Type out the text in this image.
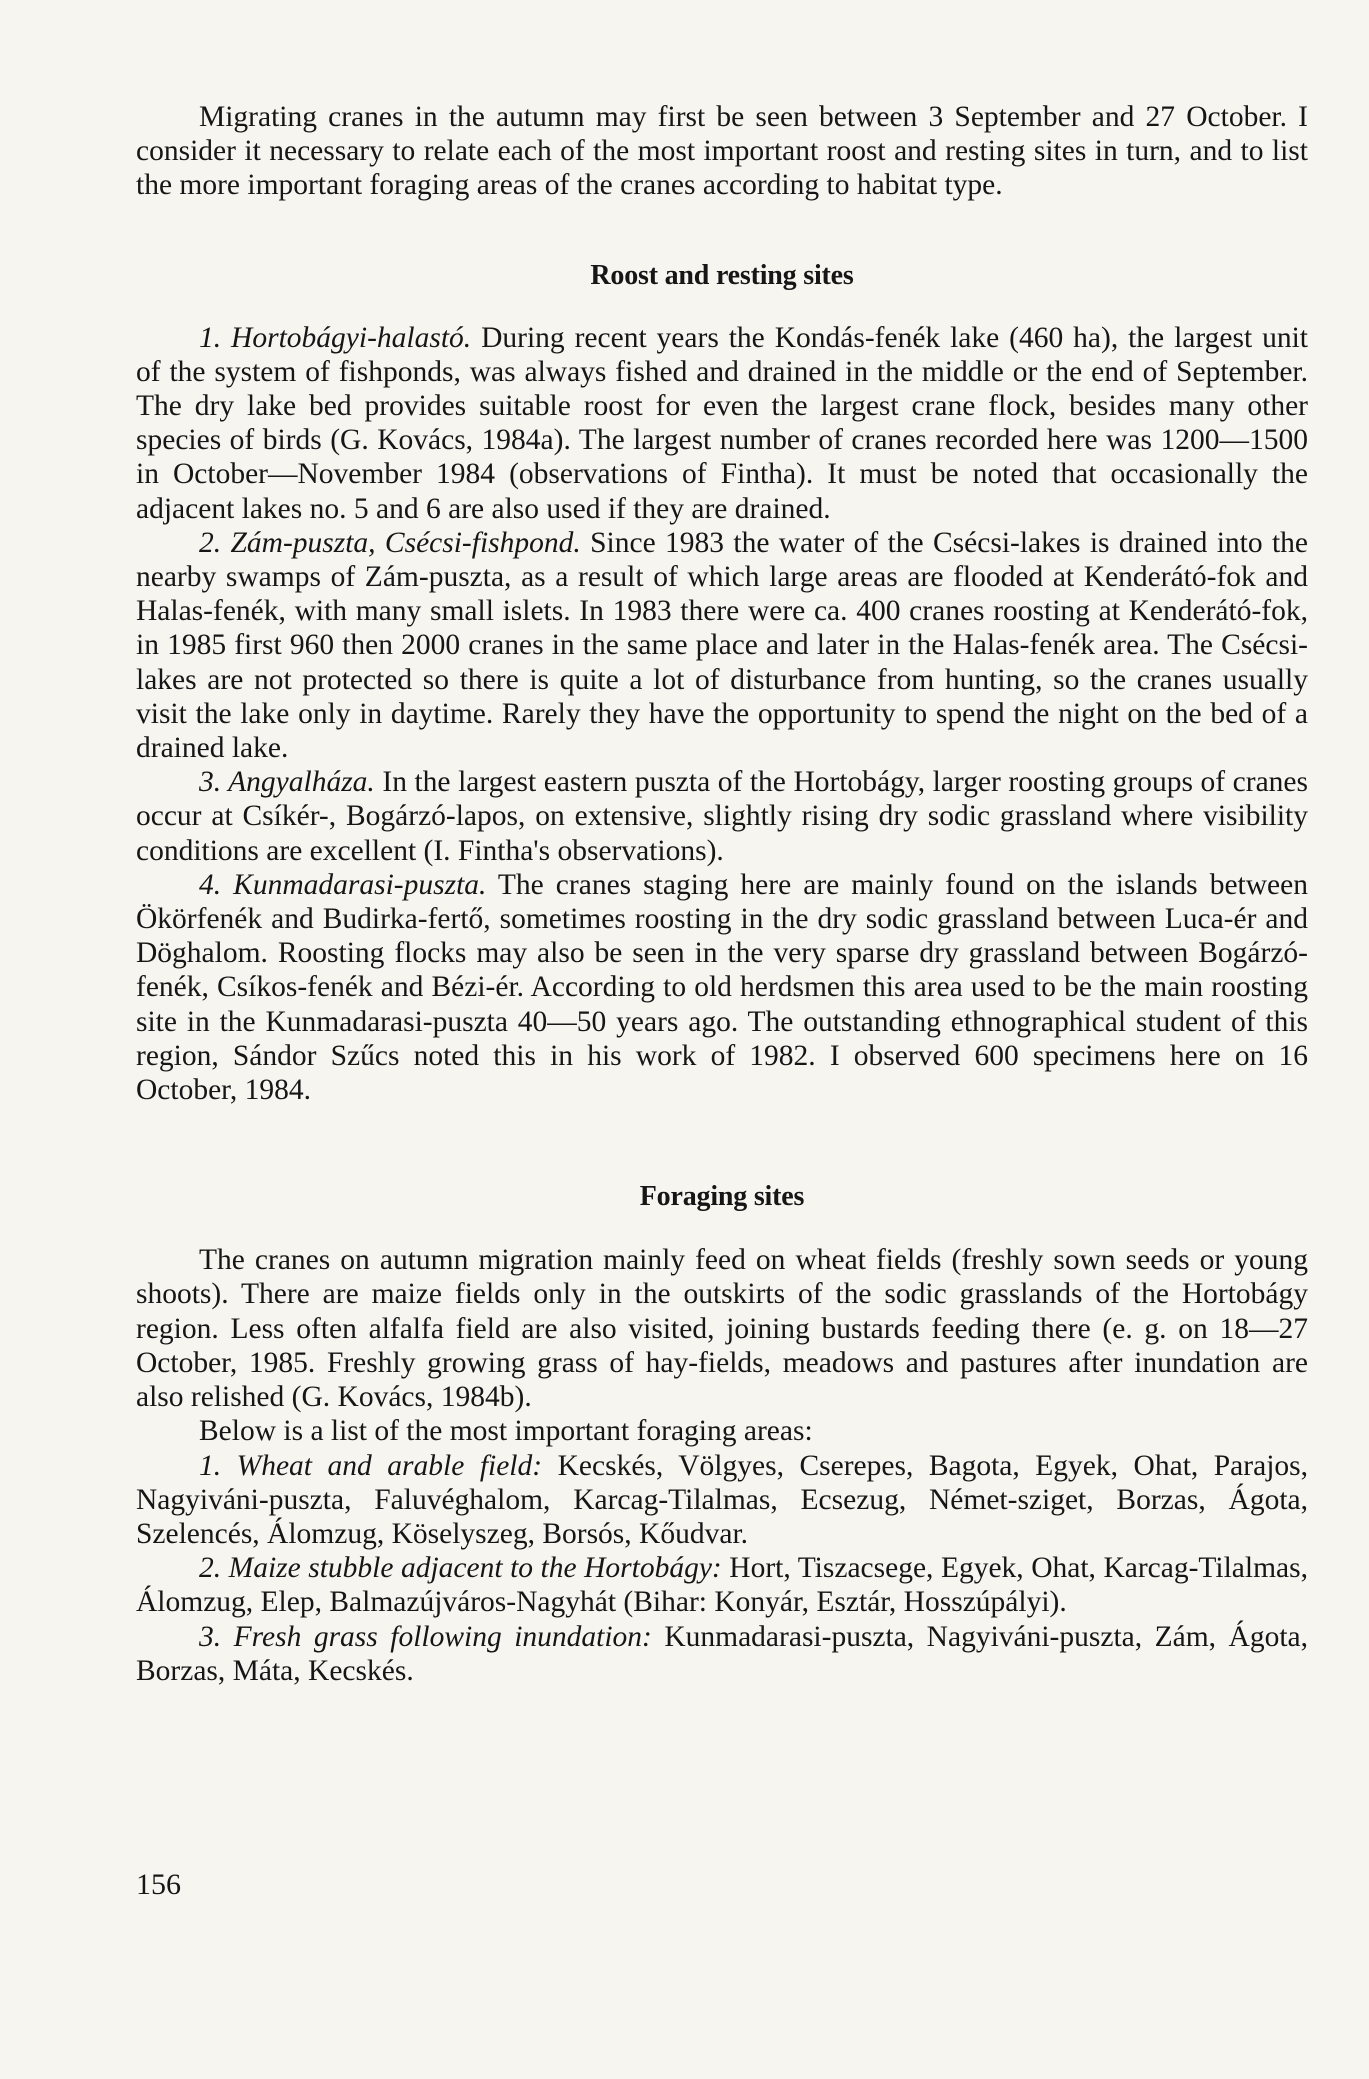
Migrating cranes in the autumn may first be seen between 3 September and 27 October. I consider it necessary to relate each of the most important roost and resting sites in turn, and to list the more important foraging areas of the cranes according to habitat type.

Roost and resting sites

1. Hortobágyi-halastó. During recent years the Kondás-fenék lake (460 ha), the largest unit of the system of fishponds, was always fished and drained in the middle or the end of September. The dry lake bed provides suitable roost for even the largest crane flock, besides many other species of birds (G. Kovács, 1984a). The largest number of cranes recorded here was 1200—1500 in October—November 1984 (observations of Fintha). It must be noted that occasionally the adjacent lakes no. 5 and 6 are also used if they are drained.

2. Zám-puszta, Csécsi-fishpond. Since 1983 the water of the Csécsi-lakes is drained into the nearby swamps of Zám-puszta, as a result of which large areas are flooded at Kenderátó-fok and Halas-fenék, with many small islets. In 1983 there were ca. 400 cranes roosting at Kenderátó-fok, in 1985 first 960 then 2000 cranes in the same place and later in the Halas-fenék area. The Csécsi-lakes are not protected so there is quite a lot of disturbance from hunting, so the cranes usually visit the lake only in daytime. Rarely they have the opportunity to spend the night on the bed of a drained lake.

3. Angyalháza. In the largest eastern puszta of the Hortobágy, larger roosting groups of cranes occur at Csíkér-, Bogárzó-lapos, on extensive, slightly rising dry sodic grassland where visibility conditions are excellent (I. Fintha's observations).

4. Kunmadarasi-puszta. The cranes staging here are mainly found on the islands between Ökörfenék and Budirka-fertő, sometimes roosting in the dry sodic grassland between Luca-ér and Döghalom. Roosting flocks may also be seen in the very sparse dry grassland between Bogárzó-fenék, Csíkos-fenék and Bézi-ér. According to old herdsmen this area used to be the main roosting site in the Kunmadarasi-puszta 40—50 years ago. The outstanding ethnographical student of this region, Sándor Szűcs noted this in his work of 1982. I observed 600 specimens here on 16 October, 1984.

Foraging sites

The cranes on autumn migration mainly feed on wheat fields (freshly sown seeds or young shoots). There are maize fields only in the outskirts of the sodic grasslands of the Hortobágy region. Less often alfalfa field are also visited, joining bustards feeding there (e. g. on 18—27 October, 1985. Freshly growing grass of hay-fields, meadows and pastures after inundation are also relished (G. Kovács, 1984b).

Below is a list of the most important foraging areas:

1. Wheat and arable field: Kecskés, Völgyes, Cserepes, Bagota, Egyek, Ohat, Parajos, Nagyiváni-puszta, Faluvéghalom, Karcag-Tilalmas, Ecsezug, Német-sziget, Borzas, Ágota, Szelencés, Álomzug, Köselyszeg, Borsós, Kőudvar.

2. Maize stubble adjacent to the Hortobágy: Hort, Tiszacsege, Egyek, Ohat, Karcag-Tilalmas, Álomzug, Elep, Balmazújváros-Nagyhát (Bihar: Konyár, Esztár, Hosszúpályi).

3. Fresh grass following inundation: Kunmadarasi-puszta, Nagyiváni-puszta, Zám, Ágota, Borzas, Máta, Kecskés.

156
